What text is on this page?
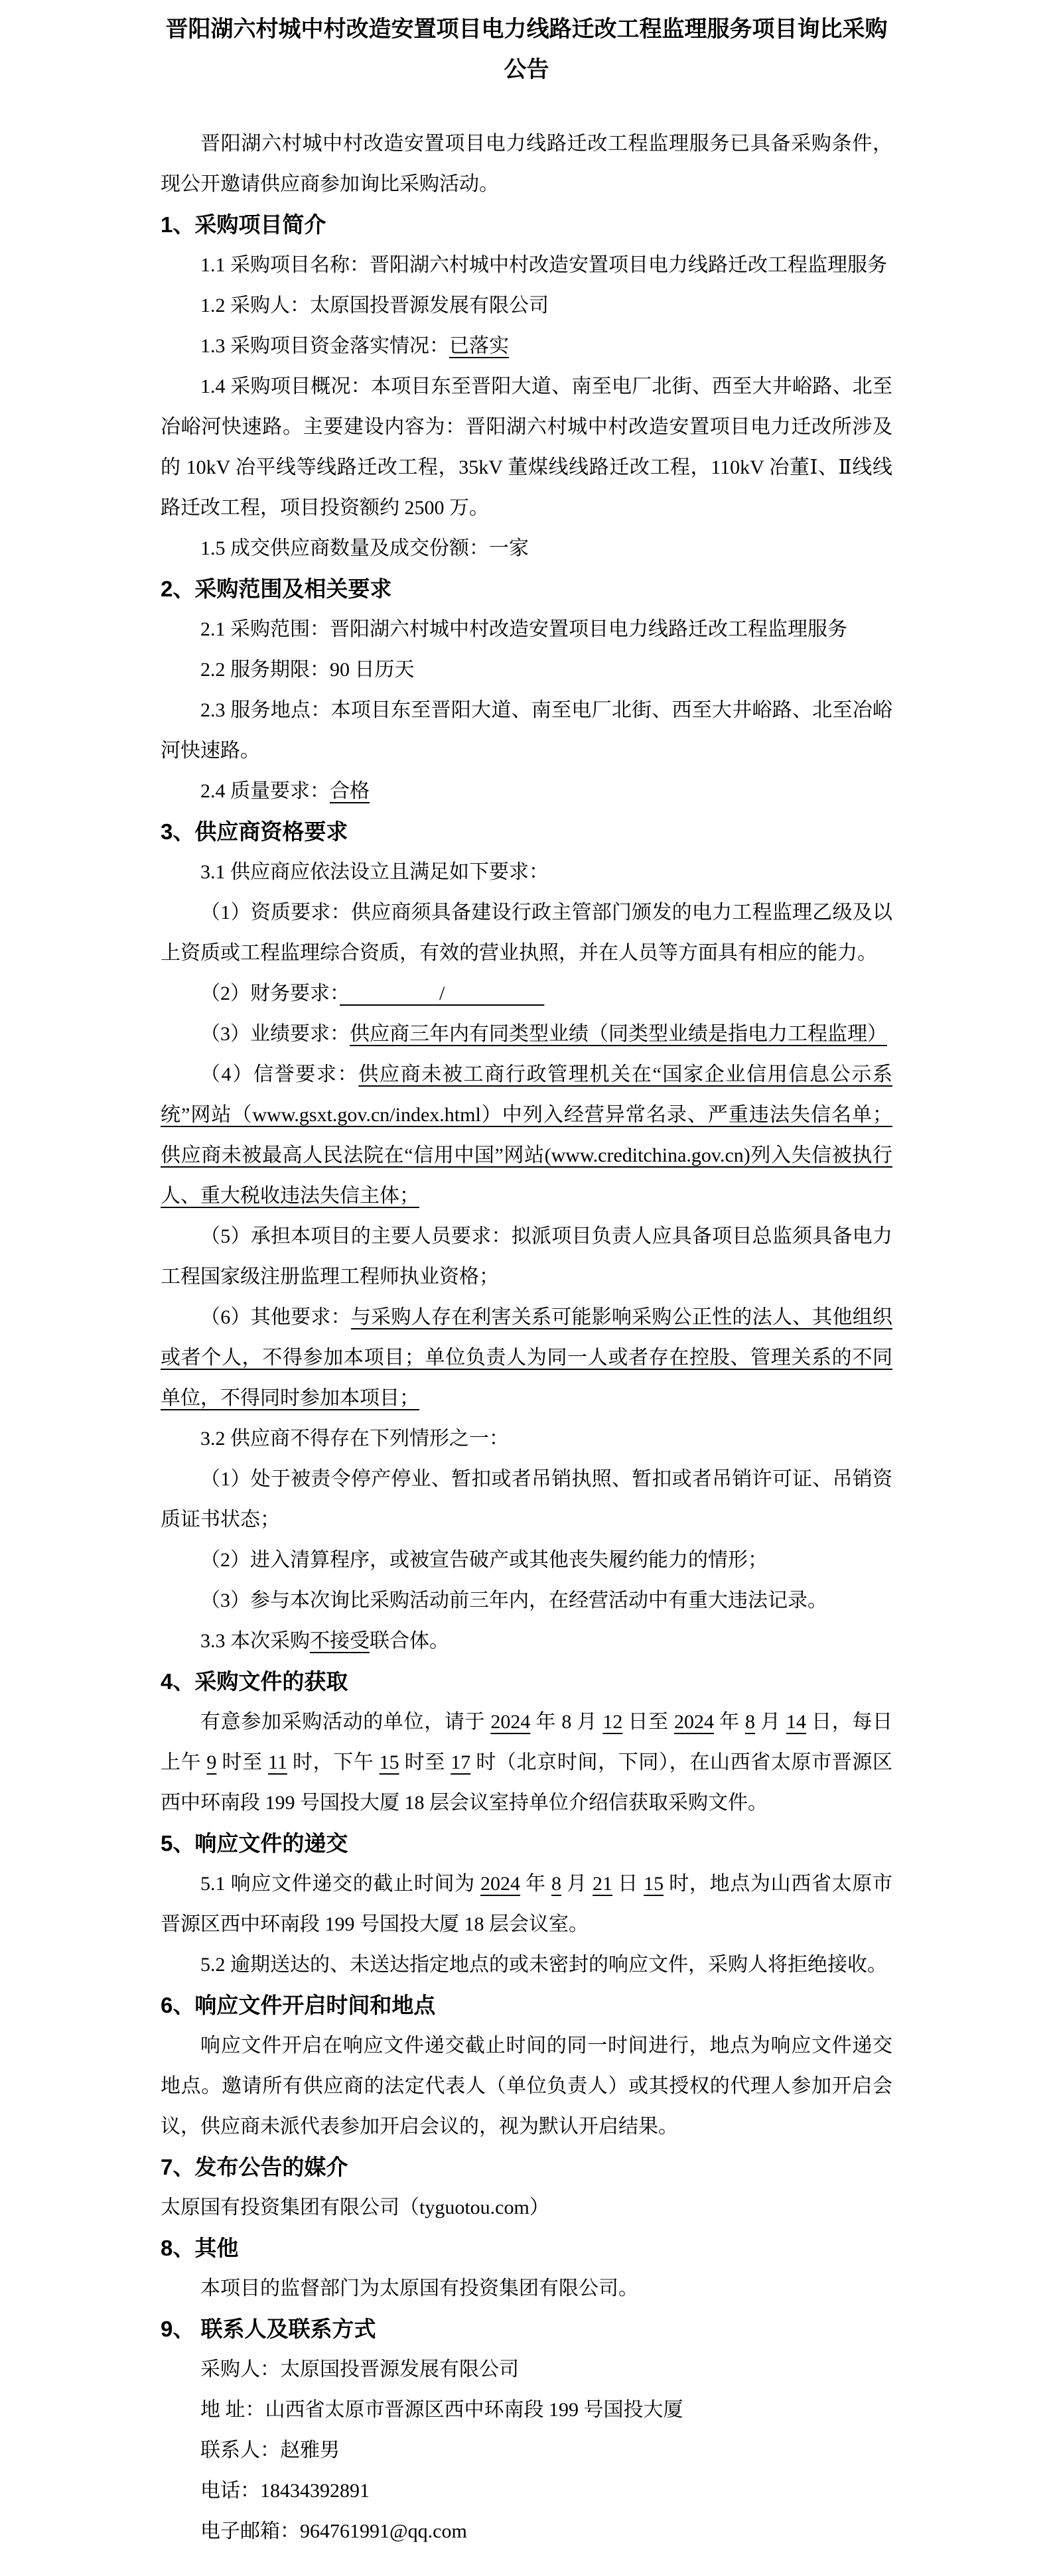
晋阳湖六村城中村改造安置项目电力线路迁改工程监理服务项目询比采购公告
晋阳湖六村城中村改造安置项目电力线路迁改工程监理服务已具备采购条件，现公开邀请供应商参加询比采购活动。
1、采购项目简介
1.1 采购项目名称：晋阳湖六村城中村改造安置项目电力线路迁改工程监理服务
1.2 采购人：太原国投晋源发展有限公司
1.3 采购项目资金落实情况：已落实
1.4 采购项目概况：本项目东至晋阳大道、南至电厂北街、西至大井峪路、北至冶峪河快速路。主要建设内容为：晋阳湖六村城中村改造安置项目电力迁改所涉及的 10kV 冶平线等线路迁改工程，35kV 董煤线线路迁改工程，110kV 冶董Ⅰ、Ⅱ线线路迁改工程，项目投资额约 2500 万。
1.5 成交供应商数量及成交份额：一家
2、采购范围及相关要求
2.1 采购范围：晋阳湖六村城中村改造安置项目电力线路迁改工程监理服务
2.2 服务期限：90 日历天
2.3 服务地点：本项目东至晋阳大道、南至电厂北街、西至大井峪路、北至冶峪河快速路。
2.4 质量要求：合格
3、供应商资格要求
3.1 供应商应依法设立且满足如下要求：
（1）资质要求：供应商须具备建设行政主管部门颁发的电力工程监理乙级及以上资质或工程监理综合资质，有效的营业执照，并在人员等方面具有相应的能力。
（2）财务要求：　　　　　/　　　　　
（3）业绩要求：供应商三年内有同类型业绩（同类型业绩是指电力工程监理）
（4）信誉要求：供应商未被工商行政管理机关在“国家企业信用信息公示系统”网站（www.gsxt.gov.cn/index.html）中列入经营异常名录、严重违法失信名单；供应商未被最高人民法院在“信用中国”网站(www.creditchina.gov.cn)列入失信被执行人、重大税收违法失信主体；
（5）承担本项目的主要人员要求：拟派项目负责人应具备项目总监须具备电力工程国家级注册监理工程师执业资格；
（6）其他要求：与采购人存在利害关系可能影响采购公正性的法人、其他组织或者个人，不得参加本项目；单位负责人为同一人或者存在控股、管理关系的不同单位，不得同时参加本项目；
3.2 供应商不得存在下列情形之一：
（1）处于被责令停产停业、暂扣或者吊销执照、暂扣或者吊销许可证、吊销资质证书状态；
（2）进入清算程序，或被宣告破产或其他丧失履约能力的情形；
（3）参与本次询比采购活动前三年内，在经营活动中有重大违法记录。
3.3 本次采购不接受联合体。
4、采购文件的获取
有意参加采购活动的单位，请于 2024 年 8 月 12 日至 2024 年 8 月 14 日，每日上午 9 时至 11 时，下午 15 时至 17 时（北京时间，下同），在山西省太原市晋源区西中环南段 199 号国投大厦 18 层会议室持单位介绍信获取采购文件。
5、响应文件的递交
5.1 响应文件递交的截止时间为 2024 年 8 月 21 日 15 时，地点为山西省太原市晋源区西中环南段 199 号国投大厦 18 层会议室。
5.2 逾期送达的、未送达指定地点的或未密封的响应文件，采购人将拒绝接收。
6、响应文件开启时间和地点
响应文件开启在响应文件递交截止时间的同一时间进行，地点为响应文件递交地点。邀请所有供应商的法定代表人（单位负责人）或其授权的代理人参加开启会议，供应商未派代表参加开启会议的，视为默认开启结果。
7、发布公告的媒介
太原国有投资集团有限公司（tyguotou.com）
8、其他
本项目的监督部门为太原国有投资集团有限公司。
9、 联系人及联系方式
采购人：太原国投晋源发展有限公司
地 址：山西省太原市晋源区西中环南段 199 号国投大厦
联系人：赵雅男
电话：18434392891
电子邮箱：964761991@qq.com
